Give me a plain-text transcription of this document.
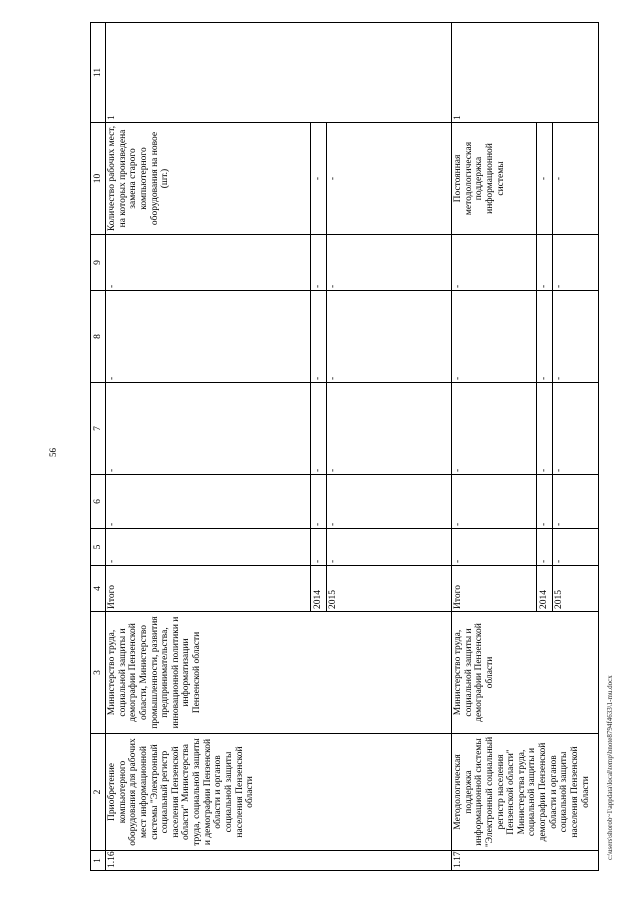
56
c:\users\shorob~1\appdata\local\temp\bnote8794f4633\1-mu.docx
1	2	3	4	5	6	7	8	9	10	11
1.16	Приобретение компьютерного оборудования для рабочих мест информационной системы "Электронный социальный регистр населения Пензенской области" Министерства труда, социальной защиты и демографии Пензенской области и органов социальной защиты населения Пензенской области	Министерство труда, социальной защиты и демографии Пензенской области, Министерство промышленности, развития предпринимательства, инновационной политики и информатизации Пензенской области	Итого	-	-	-	-	-	Количество рабочих мест, на которых произведена замена старого компьютерного оборудования на новое (шт.)	1
			2014	-	-	-	-	-	-	
			2015	-	-	-	-	-	-	
1.17	Методологическая поддержка информационной системы "Электронный социальный регистр населения Пензенской области" Министерства труда, социальной защиты и демографии Пензенской области и органов социальной защиты населения Пензенской области	Министерство труда, социальной защиты и демографии Пензенской области	Итого	-	-	-	-	-	Постоянная методологическая поддержка информационной системы	1
			2014	-	-	-	-	-	-	
			2015	-	-	-	-	-	-	
